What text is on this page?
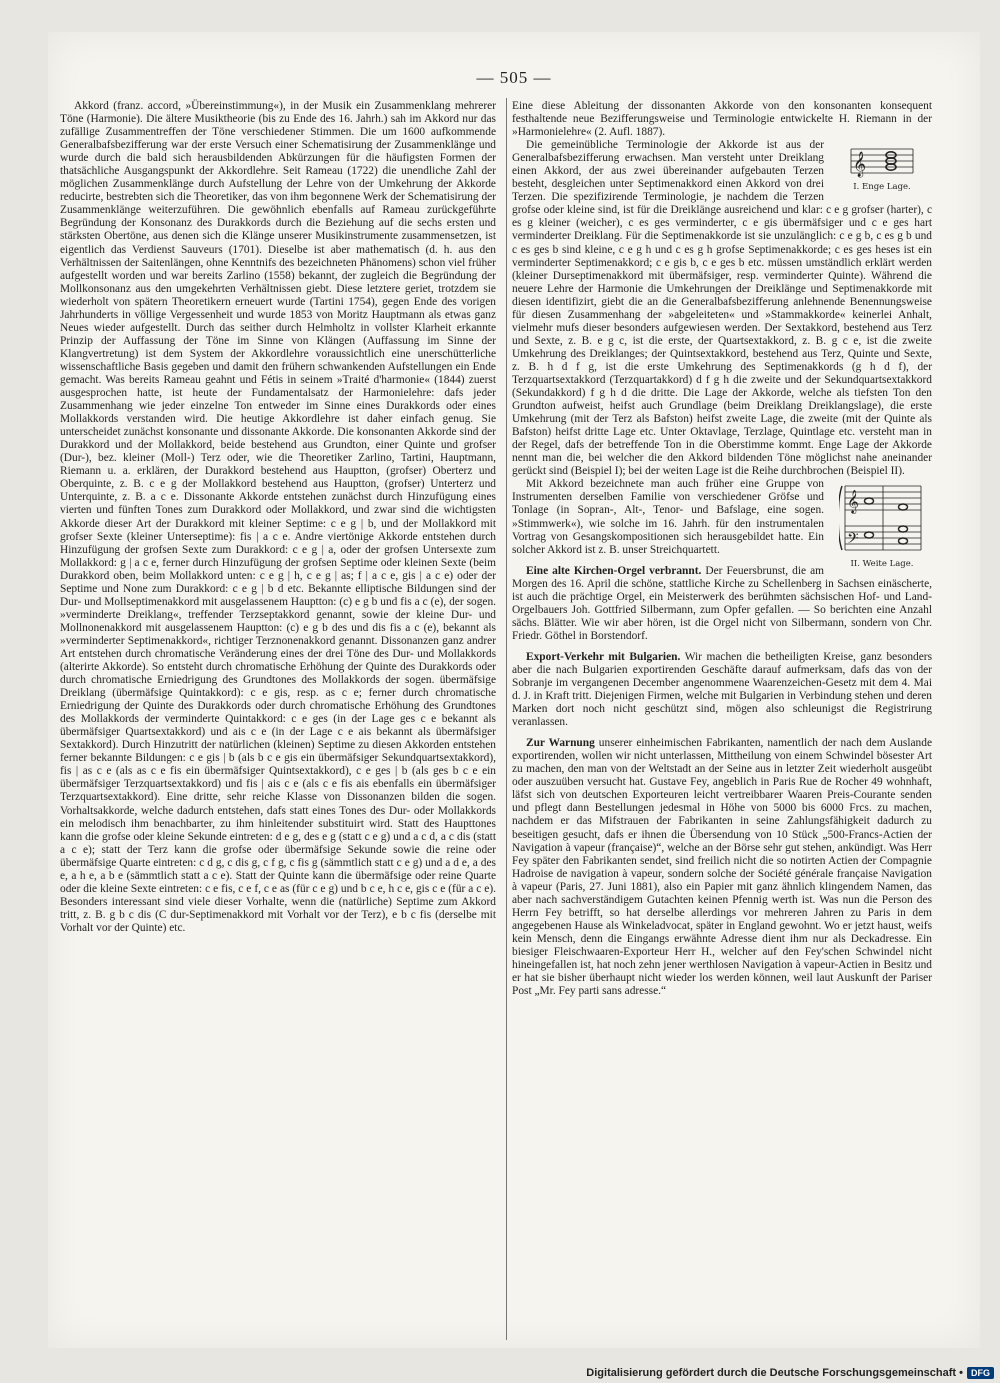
— 505 —

Akkord (franz. accord, »Übereinstimmung«), in der Musik ein Zusammenklang mehrerer Töne (Harmonie). Die ältere Musiktheorie (bis zu Ende des 16. Jahrh.) sah im Akkord nur das zufällige Zusammentreffen der Töne verschiedener Stimmen. Die um 1600 aufkommende Generalbafsbezifferung war der erste Versuch einer Schematisirung der Zusammenklänge und wurde durch die bald sich herausbildenden Abkürzungen für die häufigsten Formen der thatsächliche Ausgangspunkt der Akkordlehre. Seit Rameau (1722) die unendliche Zahl der möglichen Zusammenklänge durch Aufstellung der Lehre von der Umkehrung der Akkorde reducirte, bestrebten sich die Theoretiker, das von ihm begonnene Werk der Schematisirung der Zusammenklänge weiterzuführen. Die gewöhnlich ebenfalls auf Rameau zurückgeführte Begründung der Konsonanz des Durakkords durch die Beziehung auf die sechs ersten und stärksten Obertöne, aus denen sich die Klänge unserer Musikinstrumente zusammensetzen, ist eigentlich das Verdienst Sauveurs (1701). Dieselbe ist aber mathematisch (d. h. aus den Verhältnissen der Saitenlängen, ohne Kenntnifs des bezeichneten Phänomens) schon viel früher aufgestellt worden und war bereits Zarlino (1558) bekannt, der zugleich die Begründung der Mollkonsonanz aus den umgekehrten Verhältnissen giebt. Diese letztere geriet, trotzdem sie wiederholt von spätern Theoretikern erneuert wurde (Tartini 1754), gegen Ende des vorigen Jahrhunderts in völlige Vergessenheit und wurde 1853 von Moritz Hauptmann als etwas ganz Neues wieder aufgestellt. Durch das seither durch Helmholtz in vollster Klarheit erkannte Prinzip der Auffassung der Töne im Sinne von Klängen (Auffassung im Sinne der Klangvertretung) ist dem System der Akkordlehre voraussichtlich eine unerschütterliche wissenschaftliche Basis gegeben und damit den frühern schwankenden Aufstellungen ein Ende gemacht. Was bereits Rameau geahnt und Fétis in seinem »Traité d'harmonie« (1844) zuerst ausgesprochen hatte, ist heute der Fundamentalsatz der Harmonielehre: dafs jeder Zusammenhang wie jeder einzelne Ton entweder im Sinne eines Durakkords oder eines Mollakkords verstanden wird. Die heutige Akkordlehre ist daher einfach genug. Sie unterscheidet zunächst konsonante und dissonante Akkorde. Die konsonanten Akkorde sind der Durakkord und der Mollakkord, beide bestehend aus Grundton, einer Quinte und grofser (Dur-), bez. kleiner (Moll-) Terz oder, wie die Theoretiker Zarlino, Tartini, Hauptmann, Riemann u. a. erklären, der Durakkord bestehend aus Hauptton, (grofser) Oberterz und Oberquinte, z. B. c e g der Mollakkord bestehend aus Hauptton, (grofser) Unterterz und Unterquinte, z. B. a c e. Dissonante Akkorde entstehen zunächst durch Hinzufügung eines vierten und fünften Tones zum Durakkord oder Mollakkord, und zwar sind die wichtigsten Akkorde dieser Art der Durakkord mit kleiner Septime: c e g | b, und der Mollakkord mit grofser Sexte (kleiner Unterseptime): fis | a c e. Andre viertönige Akkorde entstehen durch Hinzufügung der grofsen Sexte zum Durakkord: c e g | a, oder der grofsen Untersexte zum Mollakkord: g | a c e, ferner durch Hinzufügung der grofsen Septime oder kleinen Sexte (beim Durakkord oben, beim Mollakkord unten: c e g | h, c e g | as; f | a c e, gis | a c e) oder der Septime und None zum Durakkord: c e g | b d etc. Bekannte elliptische Bildungen sind der Dur- und Mollseptimenakkord mit ausgelassenem Hauptton: (c) e g b und fis a c (e), der sogen. »verminderte Dreiklang«, treffender Terzseptakkord genannt, sowie der kleine Dur- und Mollnonenakkord mit ausgelassenem Hauptton: (c) e g b des und dis fis a c (e), bekannt als »verminderter Septimenakkord«, richtiger Terznonenakkord genannt. Dissonanzen ganz andrer Art entstehen durch chromatische Veränderung eines der drei Töne des Dur- und Mollakkords (alterirte Akkorde). So entsteht durch chromatische Erhöhung der Quinte des Durakkords oder durch chromatische Erniedrigung des Grundtones des Mollakkords der sogen. übermäfsige Dreiklang (übermäfsige Quintakkord): c e gis, resp. as c e; ferner durch chromatische Erniedrigung der Quinte des Durakkords oder durch chromatische Erhöhung des Grundtones des Mollakkords der verminderte Quintakkord: c e ges (in der Lage ges c e bekannt als übermäfsiger Quartsextakkord) und ais c e (in der Lage c e ais bekannt als übermäfsiger Sextakkord). Durch Hinzutritt der natürlichen (kleinen) Septime zu diesen Akkorden entstehen ferner bekannte Bildungen: c e gis | b (als b c e gis ein übermäfsiger Sekundquartsextakkord), fis | as c e (als as c e fis ein übermäfsiger Quintsextakkord), c e ges | b (als ges b c e ein übermäfsiger Terzquartsextakkord) und fis | ais c e (als c e fis ais ebenfalls ein übermäfsiger Terzquartsextakkord). Eine dritte, sehr reiche Klasse von Dissonanzen bilden die sogen. Vorhaltsakkorde, welche dadurch entstehen, dafs statt eines Tones des Dur- oder Mollakkords ein melodisch ihm benachbarter, zu ihm hinleitender substituirt wird. Statt des Haupttones kann die grofse oder kleine Sekunde eintreten: d e g, des e g (statt c e g) und a c d, a c dis (statt a c e); statt der Terz kann die grofse oder übermäfsige Sekunde sowie die reine oder übermäfsige Quarte eintreten: c d g, c dis g, c f g, c fis g (sämmtlich statt c e g) und a d e, a des e, a h e, a b e (sämmtlich statt a c e). Statt der Quinte kann die übermäfsige oder reine Quarte oder die kleine Sexte eintreten: c e fis, c e f, c e as (für c e g) und b c e, h c e, gis c e (für a c e). Besonders interessant sind viele dieser Vorhalte, wenn die (natürliche) Septime zum Akkord tritt, z. B. g b c dis (C dur-Septimenakkord mit Vorhalt vor der Terz), e b c fis (derselbe mit Vorhalt vor der Quinte) etc.

Eine diese Ableitung der dissonanten Akkorde von den konsonanten konsequent festhaltende neue Bezifferungsweise und Terminologie entwickelte H. Riemann in der »Harmonielehre« (2. Aufl. 1887).

𝄞
I. Enge Lage.

Die gemeinübliche Terminologie der Akkorde ist aus der Generalbafsbezifferung erwachsen. Man versteht unter Dreiklang einen Akkord, der aus zwei übereinander aufgebauten Terzen besteht, desgleichen unter Septimenakkord einen Akkord von drei Terzen. Die spezifizirende Terminologie, je nachdem die Terzen grofse oder kleine sind, ist für die Dreiklänge ausreichend und klar: c e g grofser (harter), c es g kleiner (weicher), c es ges verminderter, c e gis übermäfsiger und c e ges hart verminderter Dreiklang. Für die Septimenakkorde ist sie unzulänglich: c e g b, c es g b und c es ges b sind kleine, c e g h und c es g h grofse Septimenakkorde; c es ges heses ist ein verminderter Septimenakkord; c e gis b, c e ges b etc. müssen umständlich erklärt werden (kleiner Durseptimenakkord mit übermäfsiger, resp. verminderter Quinte). Während die neuere Lehre der Harmonie die Umkehrungen der Dreiklänge und Septimenakkorde mit diesen identifizirt, giebt die an die Generalbafsbezifferung anlehnende Benennungsweise für diesen Zusammenhang der »abgeleiteten« und »Stammakkorde« keinerlei Anhalt, vielmehr mufs dieser besonders aufgewiesen werden. Der Sextakkord, bestehend aus Terz und Sexte, z. B. e g c, ist die erste, der Quartsextakkord, z. B. g c e, ist die zweite Umkehrung des Dreiklanges; der Quintsextakkord, bestehend aus Terz, Quinte und Sexte, z. B. h d f g, ist die erste Umkehrung des Septimenakkords (g h d f), der Terzquartsextakkord (Terzquartakkord) d f g h die zweite und der Sekundquartsextakkord (Sekundakkord) f g h d die dritte. Die Lage der Akkorde, welche als tiefsten Ton den Grundton aufweist, heifst auch Grundlage (beim Dreiklang Dreiklangslage), die erste Umkehrung (mit der Terz als Bafston) heifst zweite Lage, die zweite (mit der Quinte als Bafston) heifst dritte Lage etc. Unter Oktavlage, Terzlage, Quintlage etc. versteht man in der Regel, dafs der betreffende Ton in die Oberstimme kommt. Enge Lage der Akkorde nennt man die, bei welcher die den Akkord bildenden Töne möglichst nahe aneinander gerückt sind (Beispiel I); bei der weiten Lage ist die Reihe durchbrochen (Beispiel II).

𝄞
𝄢
II. Weite Lage.

Mit Akkord bezeichnete man auch früher eine Gruppe von Instrumenten derselben Familie von verschiedener Gröfse und Tonlage (in Sopran-, Alt-, Tenor- und Bafslage, eine sogen. »Stimmwerk«), wie solche im 16. Jahrh. für den instrumentalen Vortrag von Gesangskompositionen sich herausgebildet hatte. Ein solcher Akkord ist z. B. unser Streichquartett.

Eine alte Kirchen-Orgel verbrannt. Der Feuersbrunst, die am Morgen des 16. April die schöne, stattliche Kirche zu Schellenberg in Sachsen einäscherte, ist auch die prächtige Orgel, ein Meisterwerk des berühmten sächsischen Hof- und Land-Orgelbauers Joh. Gottfried Silbermann, zum Opfer gefallen. — So berichten eine Anzahl sächs. Blätter. Wie wir aber hören, ist die Orgel nicht von Silbermann, sondern von Chr. Friedr. Göthel in Borstendorf.

Export-Verkehr mit Bulgarien. Wir machen die betheiligten Kreise, ganz besonders aber die nach Bulgarien exportirenden Geschäfte darauf aufmerksam, dafs das von der Sobranje im vergangenen December angenommene Waarenzeichen-Gesetz mit dem 4. Mai d. J. in Kraft tritt. Diejenigen Firmen, welche mit Bulgarien in Verbindung stehen und deren Marken dort noch nicht geschützt sind, mögen also schleunigst die Registrirung veranlassen.

Zur Warnung unserer einheimischen Fabrikanten, namentlich der nach dem Auslande exportirenden, wollen wir nicht unterlassen, Mittheilung von einem Schwindel bösester Art zu machen, den man von der Weltstadt an der Seine aus in letzter Zeit wiederholt ausgeübt oder auszuüben versucht hat. Gustave Fey, angeblich in Paris Rue de Rocher 49 wohnhaft, läfst sich von deutschen Exporteuren leicht vertreibbarer Waaren Preis-Courante senden und pflegt dann Bestellungen jedesmal in Höhe von 5000 bis 6000 Frcs. zu machen, nachdem er das Mifstrauen der Fabrikanten in seine Zahlungsfähigkeit dadurch zu beseitigen gesucht, dafs er ihnen die Übersendung von 10 Stück „500-Francs-Actien der Navigation à vapeur (française)“, welche an der Börse sehr gut stehen, ankündigt. Was Herr Fey später den Fabrikanten sendet, sind freilich nicht die so notirten Actien der Compagnie Hadroise de navigation à vapeur, sondern solche der Société générale française Navigation à vapeur (Paris, 27. Juni 1881), also ein Papier mit ganz ähnlich klingendem Namen, das aber nach sachverständigem Gutachten keinen Pfennig werth ist. Was nun die Person des Herrn Fey betrifft, so hat derselbe allerdings vor mehreren Jahren zu Paris in dem angegebenen Hause als Winkeladvocat, später in England gewohnt. Wo er jetzt haust, weifs kein Mensch, denn die Eingangs erwähnte Adresse dient ihm nur als Deckadresse. Ein biesiger Fleischwaaren-Exporteur Herr H., welcher auf den Fey'schen Schwindel nicht hineingefallen ist, hat noch zehn jener werthlosen Navigation à vapeur-Actien in Besitz und er hat sie bisher überhaupt nicht wieder los werden können, weil laut Auskunft der Pariser Post „Mr. Fey parti sans adresse.“

Digitalisierung gefördert durch die Deutsche Forschungsgemeinschaft • DFG
